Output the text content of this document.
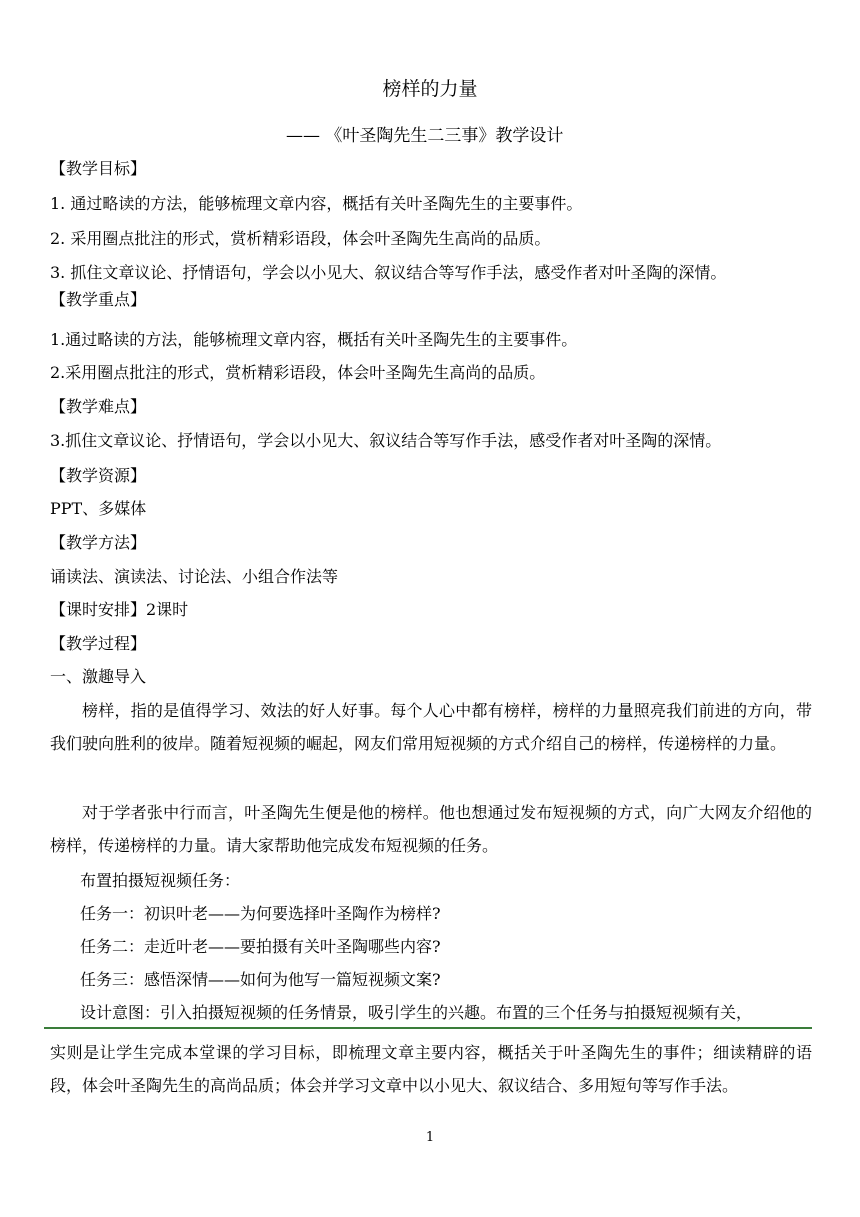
榜样的力量
—— 《叶圣陶先生二三事》教学设计
【教学目标】
1. 通过略读的方法，能够梳理文章内容，概括有关叶圣陶先生的主要事件。
2. 采用圈点批注的形式，赏析精彩语段，体会叶圣陶先生高尚的品质。
3. 抓住文章议论、抒情语句，学会以小见大、叙议结合等写作手法，感受作者对叶圣陶的深情。
【教学重点】
1.通过略读的方法，能够梳理文章内容，概括有关叶圣陶先生的主要事件。
2.采用圈点批注的形式，赏析精彩语段，体会叶圣陶先生高尚的品质。
【教学难点】
3.抓住文章议论、抒情语句，学会以小见大、叙议结合等写作手法，感受作者对叶圣陶的深情。
【教学资源】
PPT、多媒体
【教学方法】
诵读法、演读法、讨论法、小组合作法等
【课时安排】2课时
【教学过程】
一、激趣导入
榜样，指的是值得学习、效法的好人好事。每个人心中都有榜样，榜样的力量照亮我们前进的方向，带我们驶向胜利的彼岸。随着短视频的崛起，网友们常用短视频的方式介绍自己的榜样，传递榜样的力量。
对于学者张中行而言，叶圣陶先生便是他的榜样。他也想通过发布短视频的方式，向广大网友介绍他的榜样，传递榜样的力量。请大家帮助他完成发布短视频的任务。
布置拍摄短视频任务：
任务一：初识叶老——为何要选择叶圣陶作为榜样?
任务二：走近叶老——要拍摄有关叶圣陶哪些内容?
任务三：感悟深情——如何为他写一篇短视频文案?
设计意图：引入拍摄短视频的任务情景，吸引学生的兴趣。布置的三个任务与拍摄短视频有关，
实则是让学生完成本堂课的学习目标，即梳理文章主要内容，概括关于叶圣陶先生的事件；细读精辟的语段，体会叶圣陶先生的高尚品质；体会并学习文章中以小见大、叙议结合、多用短句等写作手法。
1
